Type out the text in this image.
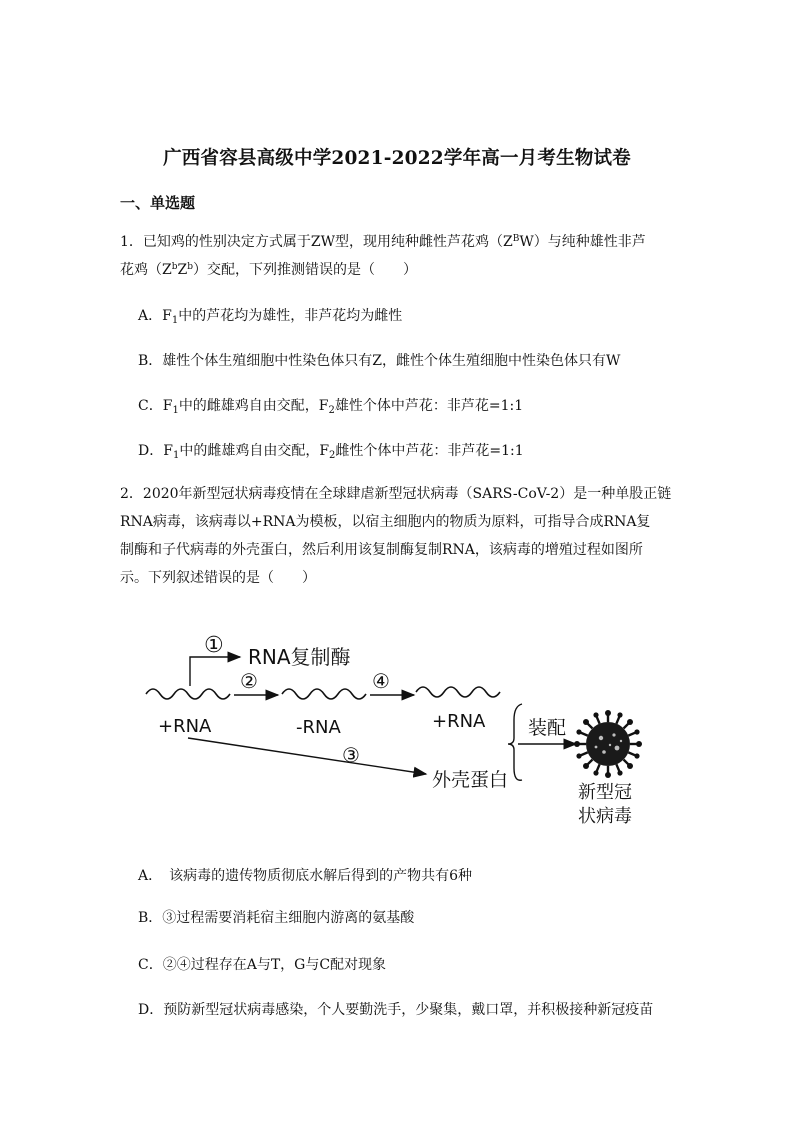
广西省容县高级中学2021-2022学年高一月考生物试卷
一、单选题
1．已知鸡的性别决定方式属于ZW型，现用纯种雌性芦花鸡$(Z^BW)$与纯种雄性非芦
花鸡$(Z^bZ^b)$交配，下列推测错误的是（　　）
A．$F_1$中的芦花均为雄性，非芦花均为雌性
B．雄性个体生殖细胞中性染色体只有Z，雌性个体生殖细胞中性染色体只有W
C．$F_1$中的雌雄鸡自由交配，$F_2$雄性个体中芦花：非芦花=1:1
D．$F_1$中的雌雄鸡自由交配，$F_2$雌性个体中芦花：非芦花=1:1
2．2020年新型冠状病毒疫情在全球肆虐新型冠状病毒（SARS-CoV-2）是一种单股正链
RNA病毒，该病毒以+RNA为模板，以宿主细胞内的物质为原料，可指导合成RNA复
制酶和子代病毒的外壳蛋白，然后利用该复制酶复制RNA，该病毒的增殖过程如图所
示。下列叙述错误的是（　　）
① RNA复制酶
②	④
+RNA	-RNA	+RNA
③
外壳蛋白
装配
新型冠
状病毒
A．　该病毒的遗传物质彻底水解后得到的产物共有6种
B．③过程需要消耗宿主细胞内游离的氨基酸
C．②④过程存在A与T，G与C配对现象
D．预防新型冠状病毒感染，个人要勤洗手，少聚集，戴口罩，并积极接种新冠疫苗
